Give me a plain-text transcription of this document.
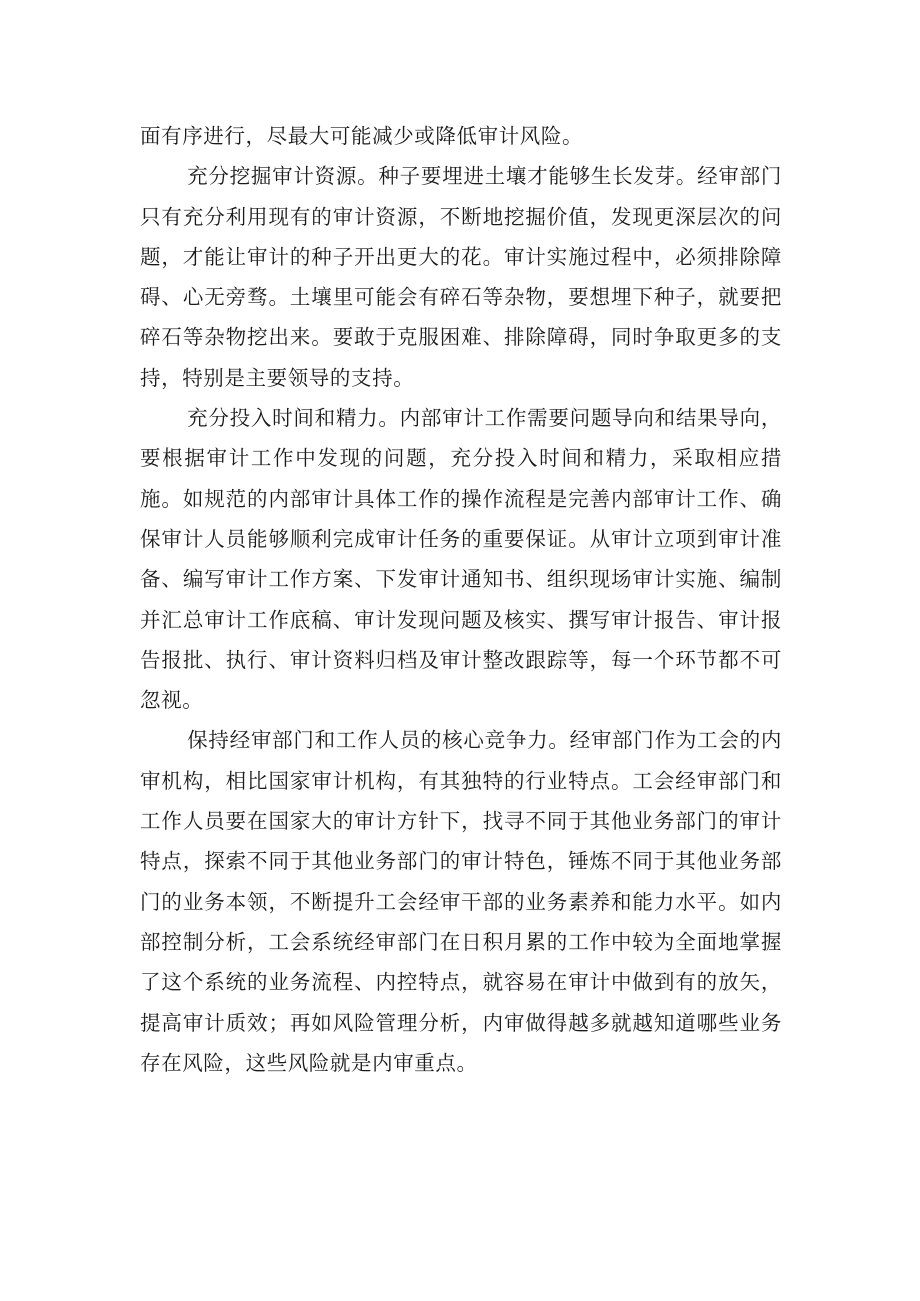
面有序进行，尽最大可能减少或降低审计风险。

充分挖掘审计资源。种子要埋进土壤才能够生长发芽。经审部门只有充分利用现有的审计资源，不断地挖掘价值，发现更深层次的问题，才能让审计的种子开出更大的花。审计实施过程中，必须排除障碍、心无旁骛。土壤里可能会有碎石等杂物，要想埋下种子，就要把碎石等杂物挖出来。要敢于克服困难、排除障碍，同时争取更多的支持，特别是主要领导的支持。

充分投入时间和精力。内部审计工作需要问题导向和结果导向，要根据审计工作中发现的问题，充分投入时间和精力，采取相应措施。如规范的内部审计具体工作的操作流程是完善内部审计工作、确保审计人员能够顺利完成审计任务的重要保证。从审计立项到审计准备、编写审计工作方案、下发审计通知书、组织现场审计实施、编制并汇总审计工作底稿、审计发现问题及核实、撰写审计报告、审计报告报批、执行、审计资料归档及审计整改跟踪等，每一个环节都不可忽视。

保持经审部门和工作人员的核心竞争力。经审部门作为工会的内审机构，相比国家审计机构，有其独特的行业特点。工会经审部门和工作人员要在国家大的审计方针下，找寻不同于其他业务部门的审计特点，探索不同于其他业务部门的审计特色，锤炼不同于其他业务部门的业务本领，不断提升工会经审干部的业务素养和能力水平。如内部控制分析，工会系统经审部门在日积月累的工作中较为全面地掌握了这个系统的业务流程、内控特点，就容易在审计中做到有的放矢，提高审计质效；再如风险管理分析，内审做得越多就越知道哪些业务存在风险，这些风险就是内审重点。
